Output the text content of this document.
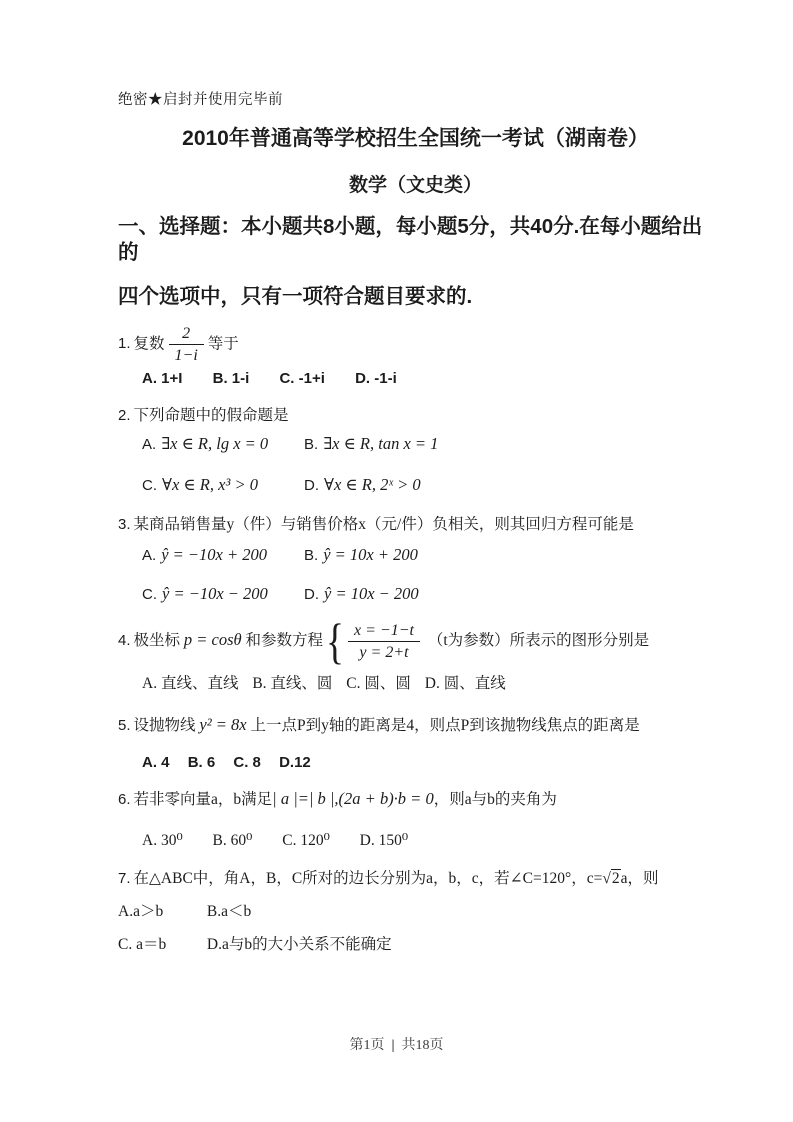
绝密★启封并使用完毕前
2010年普通高等学校招生全国统一考试（湖南卷）
数学（文史类）
一、选择题：本小题共8小题，每小题5分，共40分.在每小题给出的
四个选项中，只有一项符合题目要求的.
1. 复数 $\frac{2}{1-i}$ 等于
A. 1+I B. 1-i C. -1+i D. -1-i
2. 下列命题中的假命题是
A. ∃x ∈ R, lg x = 0 B. ∃x ∈ R, tan x = 1
C. ∀x ∈ R, x³ > 0	D. ∀x ∈ R, 2ˣ > 0
3. 某商品销售量y（件）与销售价格x（元/件）负相关，则其回归方程可能是
A. ŷ = −10x + 200 B. ŷ = 10x + 200
C. ŷ = −10x − 200 D. ŷ = 10x − 200
4. 极坐标 p = cosθ 和参数方程{ $\frac{x = -1-t}{y = 2+t} (t$为参数）所表示的图形分别是
A. 直线、直线 B. 直线、圆 C. 圆、圆 D. 圆、直线
5. 设抛物线 y² = 8x 上一点P到y轴的距离是4，则点P到该抛物线焦点的距离是
A. 4 B. 6 C. 8 D.12
6. 若非零向量a，b满足| a |=| b |,(2a + b)·b = 0，则a与b的夹角为
A. 30⁰ B. 60⁰ C. 120⁰ D. 150⁰
7. 在△ABC中，角A，B，C所对的边长分别为a，b，c，若∠C=120°，c=√2a，则
A.a＞b	B.a＜b
C. a＝b	D.a与b的大小关系不能确定
第1页 | 共18页
